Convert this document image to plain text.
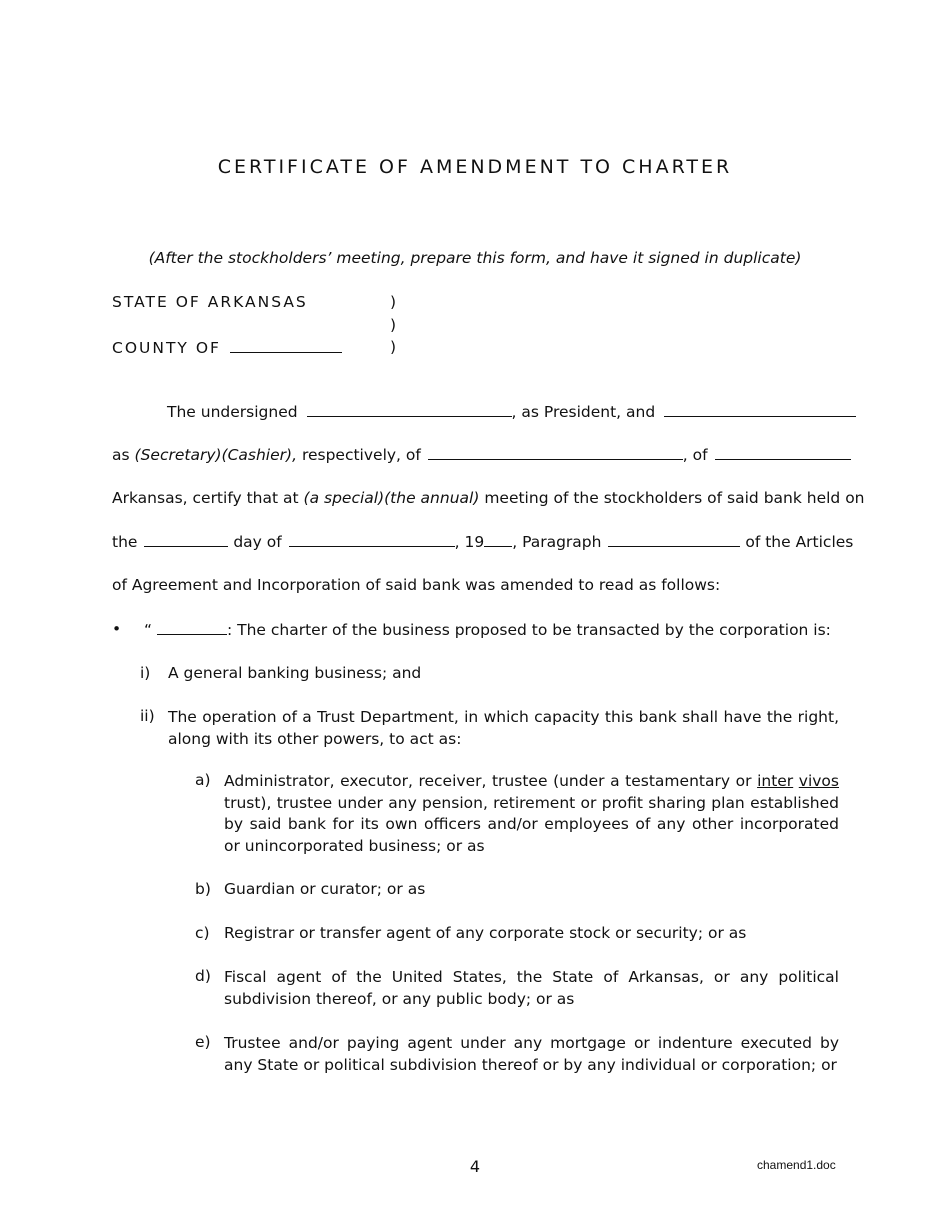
CERTIFICATE OF AMENDMENT TO CHARTER
(After the stockholders’ meeting, prepare this form, and have it signed in duplicate)
STATE OF ARKANSAS	)
)
COUNTY OF	)
The undersigned	, as President, and
as (Secretary)(Cashier), respectively, of	, of
Arkansas, certify that at (a special)(the annual) meeting of the stockholders of said bank held on
the	day of	, 19 , Paragraph	of the Articles
of Agreement and Incorporation of said bank was amended to read as follows:
• “	: The charter of the business proposed to be transacted by the corporation is:
i) A general banking business; and
ii) The operation of a Trust Department, in which capacity this bank shall have the right, along with its other powers, to act as:
a) Administrator, executor, receiver, trustee (under a testamentary or inter vivos trust), trustee under any pension, retirement or profit sharing plan established by said bank for its own officers and/or employees of any other incorporated or unincorporated business; or as
b) Guardian or curator; or as
c) Registrar or transfer agent of any corporate stock or security; or as
d) Fiscal agent of the United States, the State of Arkansas, or any political subdivision thereof, or any public body; or as
e) Trustee and/or paying agent under any mortgage or indenture executed by any State or political subdivision thereof or by any individual or corporation; or
4	chamend1.doc
